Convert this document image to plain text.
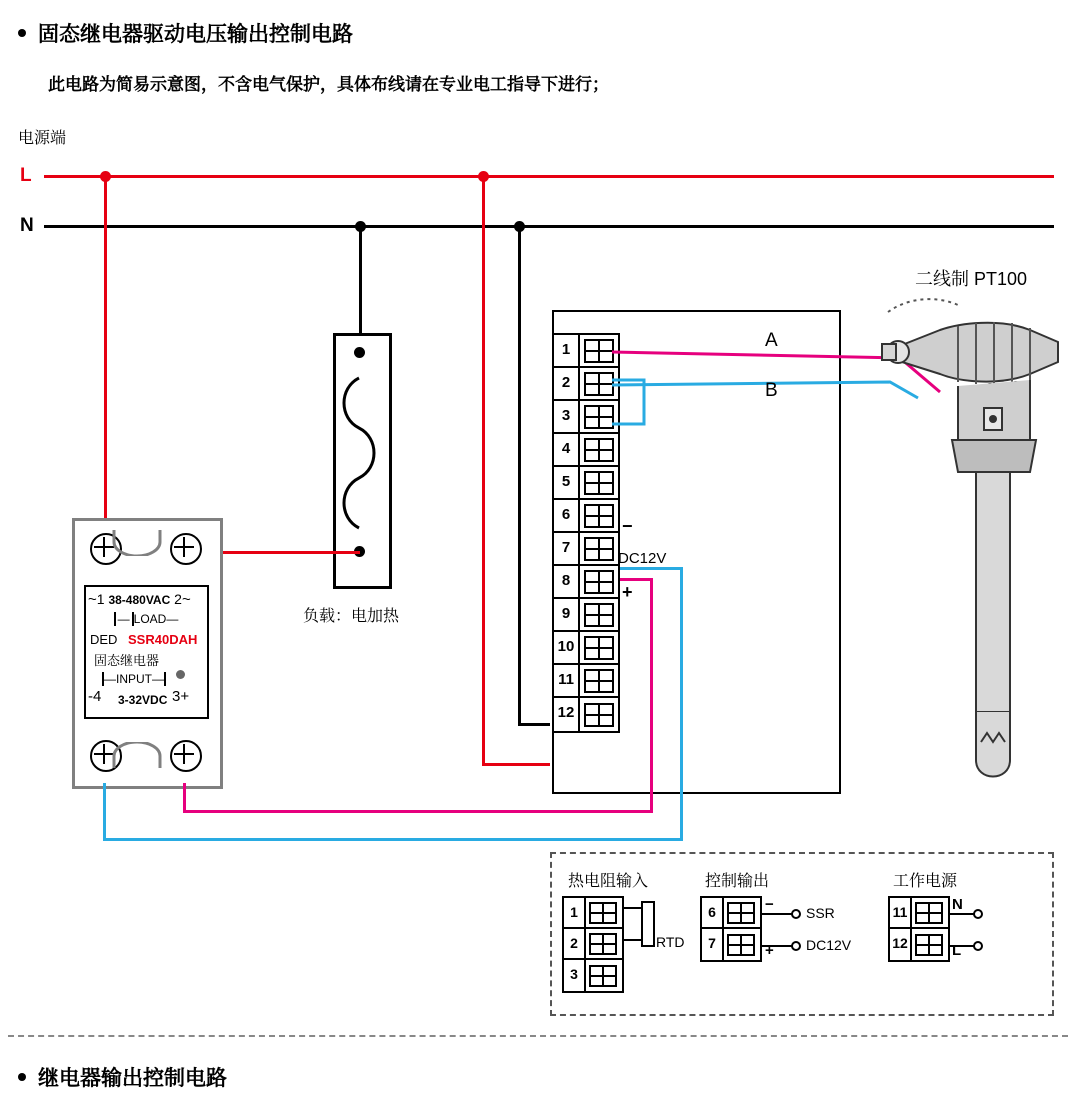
固态继电器驱动电压输出控制电路
此电路为简易示意图，不含电气保护，具体布线请在专业电工指导下进行；
电源端
L
N
负载：电加热
~1 38-480VAC 2~
— LOAD—
DED SSR40DAH
固态继电器
—INPUT—
-4 3-32VDC 3+
1
2
3
4
5
6
7
8
9
10
11
12
−
DC12V
+
A
B
二线制 PT100
热电阻输入
1
2
3
RTD
控制输出
6
7
−
+
SSR
DC12V
工作电源
11
12
N
L
继电器输出控制电路
